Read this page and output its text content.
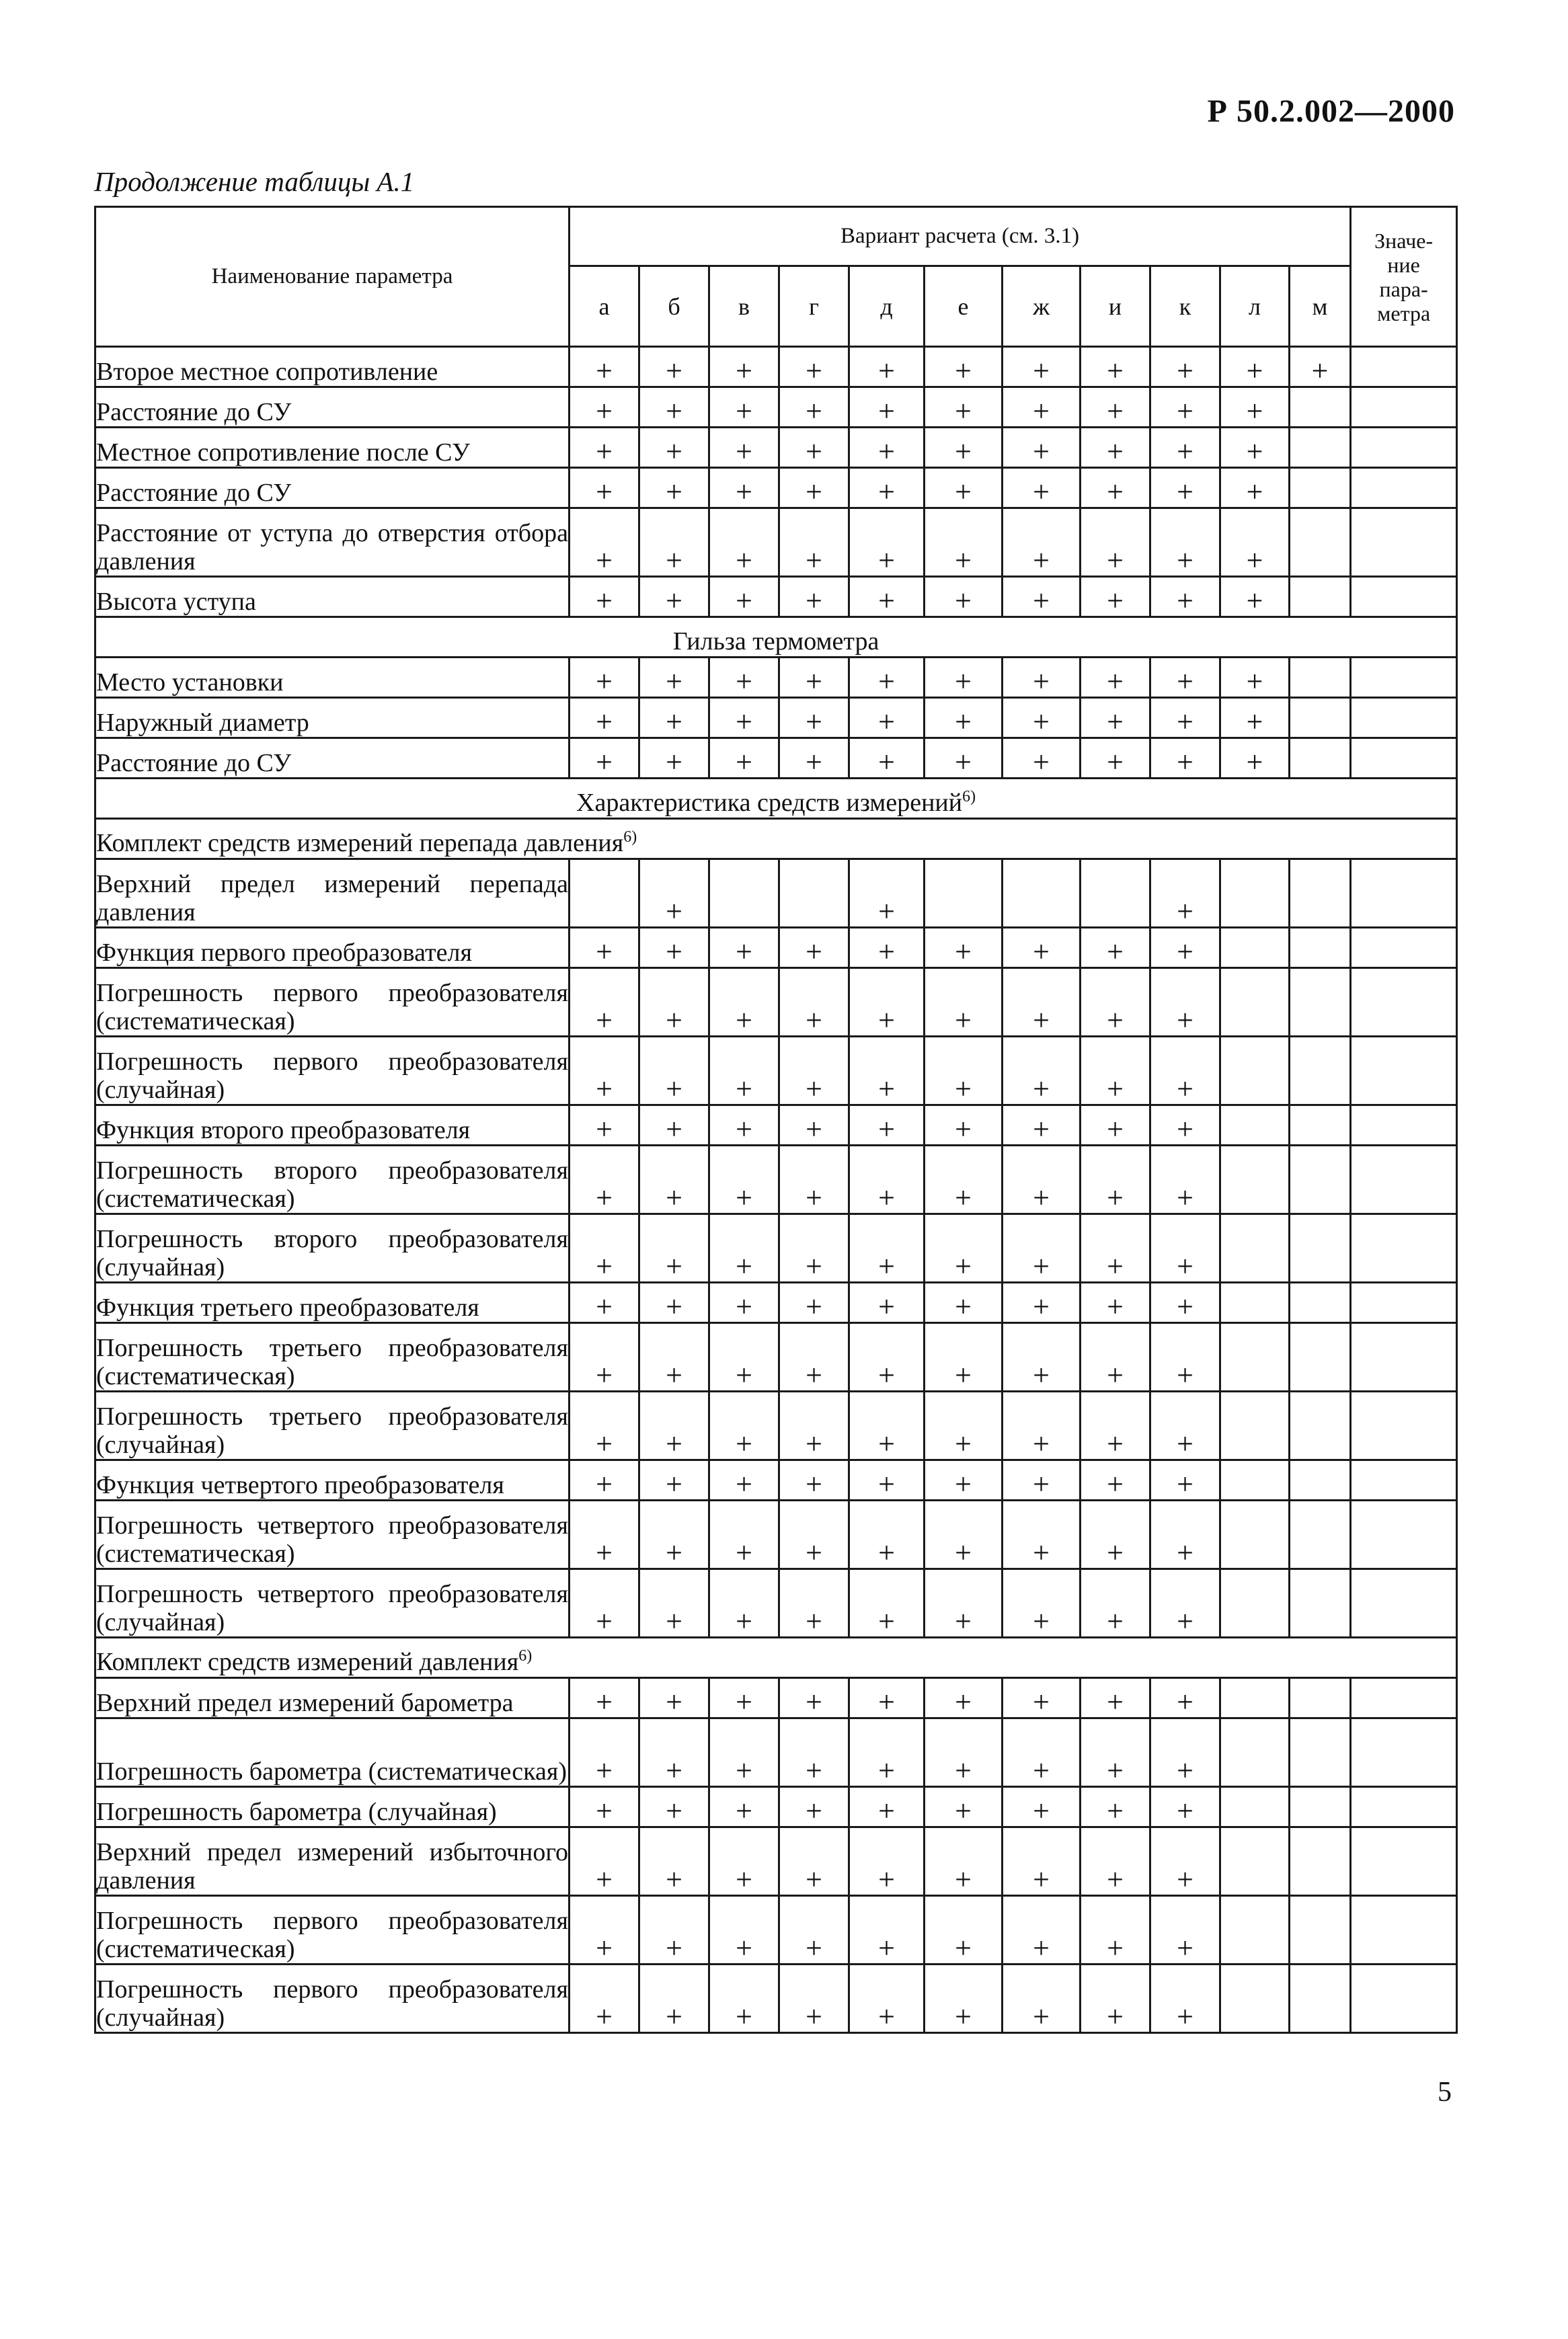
Р 50.2.002—2000
Продолжение таблицы А.1
Наименование параметра	Вариант расчета (см. 3.1)											Значе-
ние
пара-
метра

	а	б	в	г	д	е	ж	и	к	л	м	
Второе местное сопротивление	+	+	+	+	+	+	+	+	+	+	+	
Расстояние до СУ	+	+	+	+	+	+	+	+	+	+		
Местное сопротивление после СУ	+	+	+	+	+	+	+	+	+	+		
Расстояние до СУ	+	+	+	+	+	+	+	+	+	+		
Расстояние от уступа до отверстия отбора давления	+	+	+	+	+	+	+	+	+	+		
Высота уступа	+	+	+	+	+	+	+	+	+	+		
Гильза термометра												
Место установки	+	+	+	+	+	+	+	+	+	+		
Наружный диаметр	+	+	+	+	+	+	+	+	+	+		
Расстояние до СУ	+	+	+	+	+	+	+	+	+	+		
Характеристика средств измерений$^{6)}$
Комплект средств измерений перепада давления$^{6)}$
Верхний предел измерений перепада давления		+			+				+			
Функция первого преобразователя	+	+	+	+	+	+	+	+	+			
Погрешность первого преобразователя (систематическая)	+	+	+	+	+	+	+	+	+			
Погрешность первого преобразователя (случайная)	+	+	+	+	+	+	+	+	+			
Функция второго преобразователя	+	+	+	+	+	+	+	+	+			
Погрешность второго преобразователя (систематическая)	+	+	+	+	+	+	+	+	+			
Погрешность второго преобразователя (случайная)	+	+	+	+	+	+	+	+	+			
Функция третьего преобразователя	+	+	+	+	+	+	+	+	+			
Погрешность третьего преобразователя (систематическая)	+	+	+	+	+	+	+	+	+			
Погрешность третьего преобразователя (случайная)	+	+	+	+	+	+	+	+	+			
Функция четвертого преобразователя	+	+	+	+	+	+	+	+	+			
Погрешность четвертого преобразователя (систематическая)	+	+	+	+	+	+	+	+	+			
Погрешность четвертого преобразователя (случайная)	+	+	+	+	+	+	+	+	+			
Комплект средств измерений давления$^{6)}$
Верхний предел измерений барометра	+	+	+	+	+	+	+	+	+			
Погрешность барометра (систематическая)	+	+	+	+	+	+	+	+	+			
Погрешность барометра (случайная)	+	+	+	+	+	+	+	+	+			
Верхний предел измерений избыточного давления	+	+	+	+	+	+	+	+	+			
Погрешность первого преобразователя (систематическая)	+	+	+	+	+	+	+	+	+			
Погрешность первого преобразователя (случайная)	+	+	+	+	+	+	+	+	+			
5
